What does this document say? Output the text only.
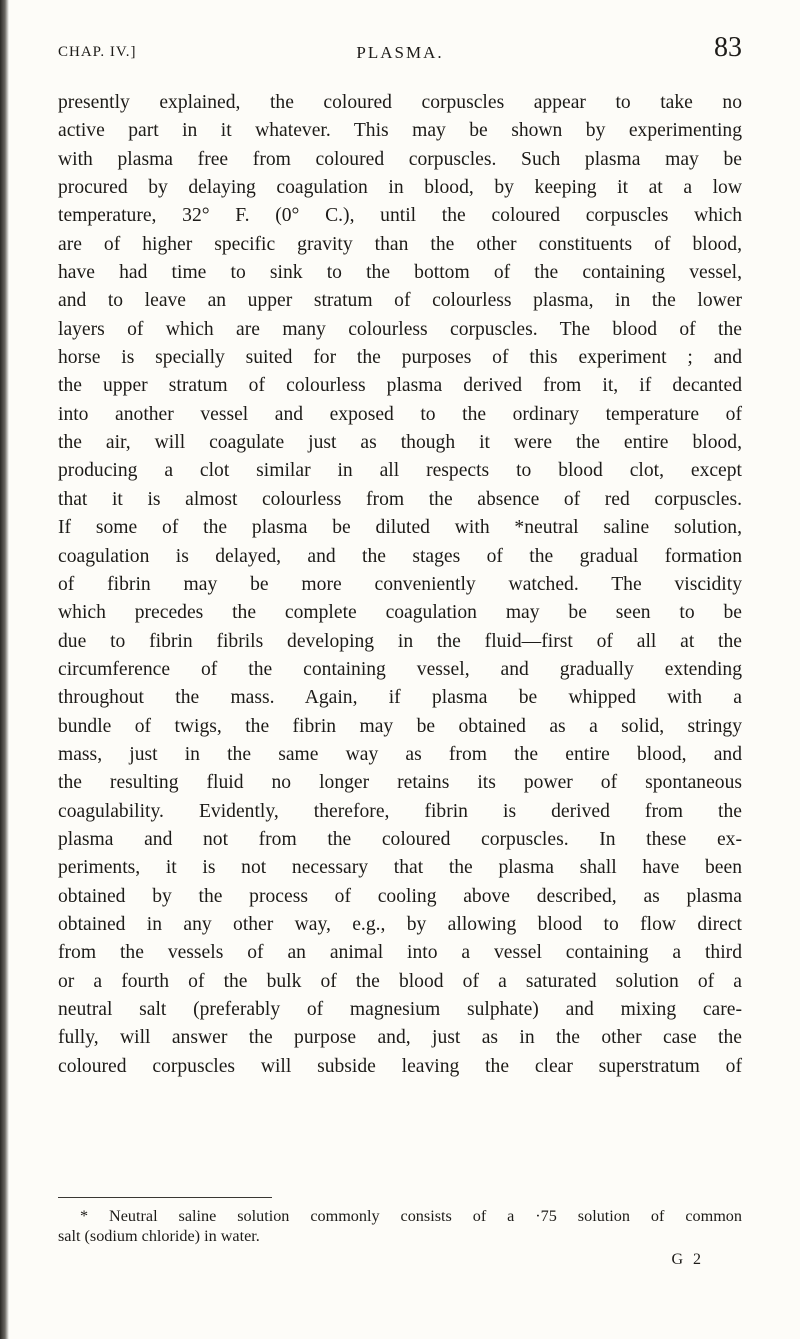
CHAP. IV.]	PLASMA.	83
presently explained, the coloured corpuscles appear to take no
active part in it whatever. This may be shown by experimenting
with plasma free from coloured corpuscles. Such plasma may be
procured by delaying coagulation in blood, by keeping it at a low
temperature, 32° F. (0° C.), until the coloured corpuscles which
are of higher specific gravity than the other constituents of blood,
have had time to sink to the bottom of the containing vessel,
and to leave an upper stratum of colourless plasma, in the lower
layers of which are many colourless corpuscles. The blood of the
horse is specially suited for the purposes of this experiment ; and
the upper stratum of colourless plasma derived from it, if decanted
into another vessel and exposed to the ordinary temperature of
the air, will coagulate just as though it were the entire blood,
producing a clot similar in all respects to blood clot, except
that it is almost colourless from the absence of red corpuscles.
If some of the plasma be diluted with *neutral saline solution,
coagulation is delayed, and the stages of the gradual formation
of fibrin may be more conveniently watched. The viscidity
which precedes the complete coagulation may be seen to be
due to fibrin fibrils developing in the fluid—first of all at the
circumference of the containing vessel, and gradually extending
throughout the mass. Again, if plasma be whipped with a
bundle of twigs, the fibrin may be obtained as a solid, stringy
mass, just in the same way as from the entire blood, and
the resulting fluid no longer retains its power of spontaneous
coagulability. Evidently, therefore, fibrin is derived from the
plasma and not from the coloured corpuscles. In these ex-
periments, it is not necessary that the plasma shall have been
obtained by the process of cooling above described, as plasma
obtained in any other way, e.g., by allowing blood to flow direct
from the vessels of an animal into a vessel containing a third
or a fourth of the bulk of the blood of a saturated solution of a
neutral salt (preferably of magnesium sulphate) and mixing care-
fully, will answer the purpose and, just as in the other case the
coloured corpuscles will subside leaving the clear superstratum of
* Neutral saline solution commonly consists of a ·75 solution of common
salt (sodium chloride) in water.
G 2
